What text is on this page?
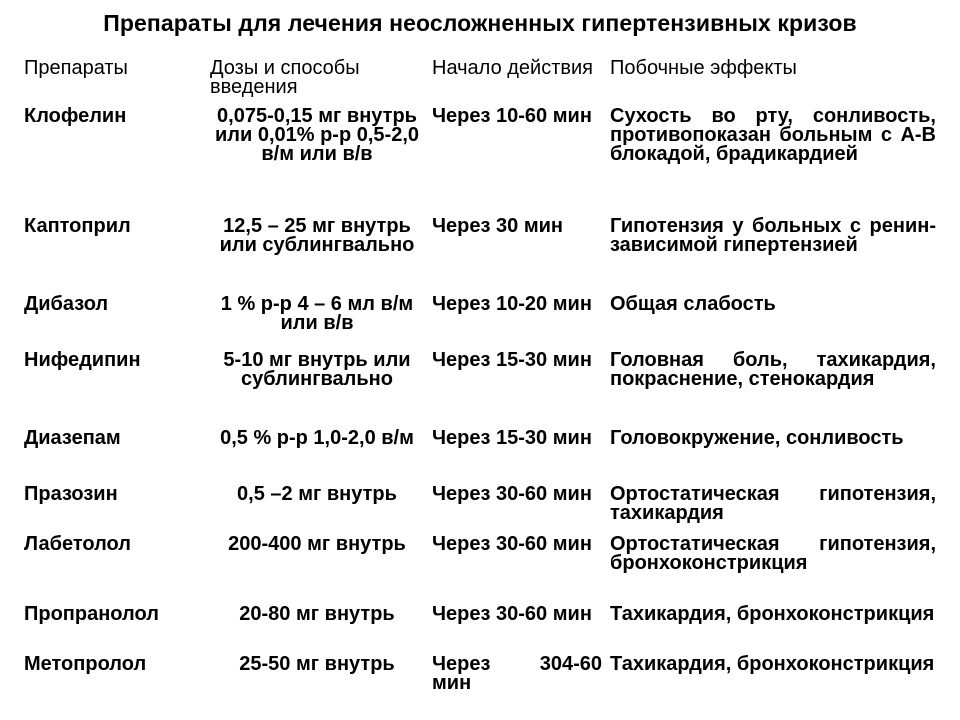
Препараты для лечения неосложненных гипертензивных кризов
Препараты	Дозы и способы введения	Начало действия	Побочные эффекты
Клофелин	0,075-0,15 мг внутрь или 0,01% р-р 0,5-2,0 в/м или в/в	Через 10-60 мин	Сухость во рту, сонливость, противопоказан больным с А-В блокадой, брадикардией
Каптоприл	12,5 – 25 мг внутрь или сублингвально	Через 30 мин	Гипотензия у больных с ренин-зависимой гипертензией
Дибазол	1 % р-р 4 – 6 мл в/м или в/в	Через 10-20 мин	Общая слабость
Нифедипин	5-10 мг внутрь или сублингвально	Через 15-30 мин	Головная боль, тахикардия, покраснение, стенокардия
Диазепам	0,5 % р-р 1,0-2,0 в/м	Через 15-30 мин	Головокружение, сонливость
Празозин	0,5 –2 мг внутрь	Через 30-60 мин	Ортостатическая гипотензия, тахикардия
Лабетолол	200-400 мг внутрь	Через 30-60 мин	Ортостатическая гипотензия, бронхоконстрикция
Пропранолол	20-80 мг внутрь	Через 30-60 мин	Тахикардия, бронхоконстрикция
Метопролол	25-50 мг внутрь	Через 304-60 мин	Тахикардия, бронхоконстрикция
